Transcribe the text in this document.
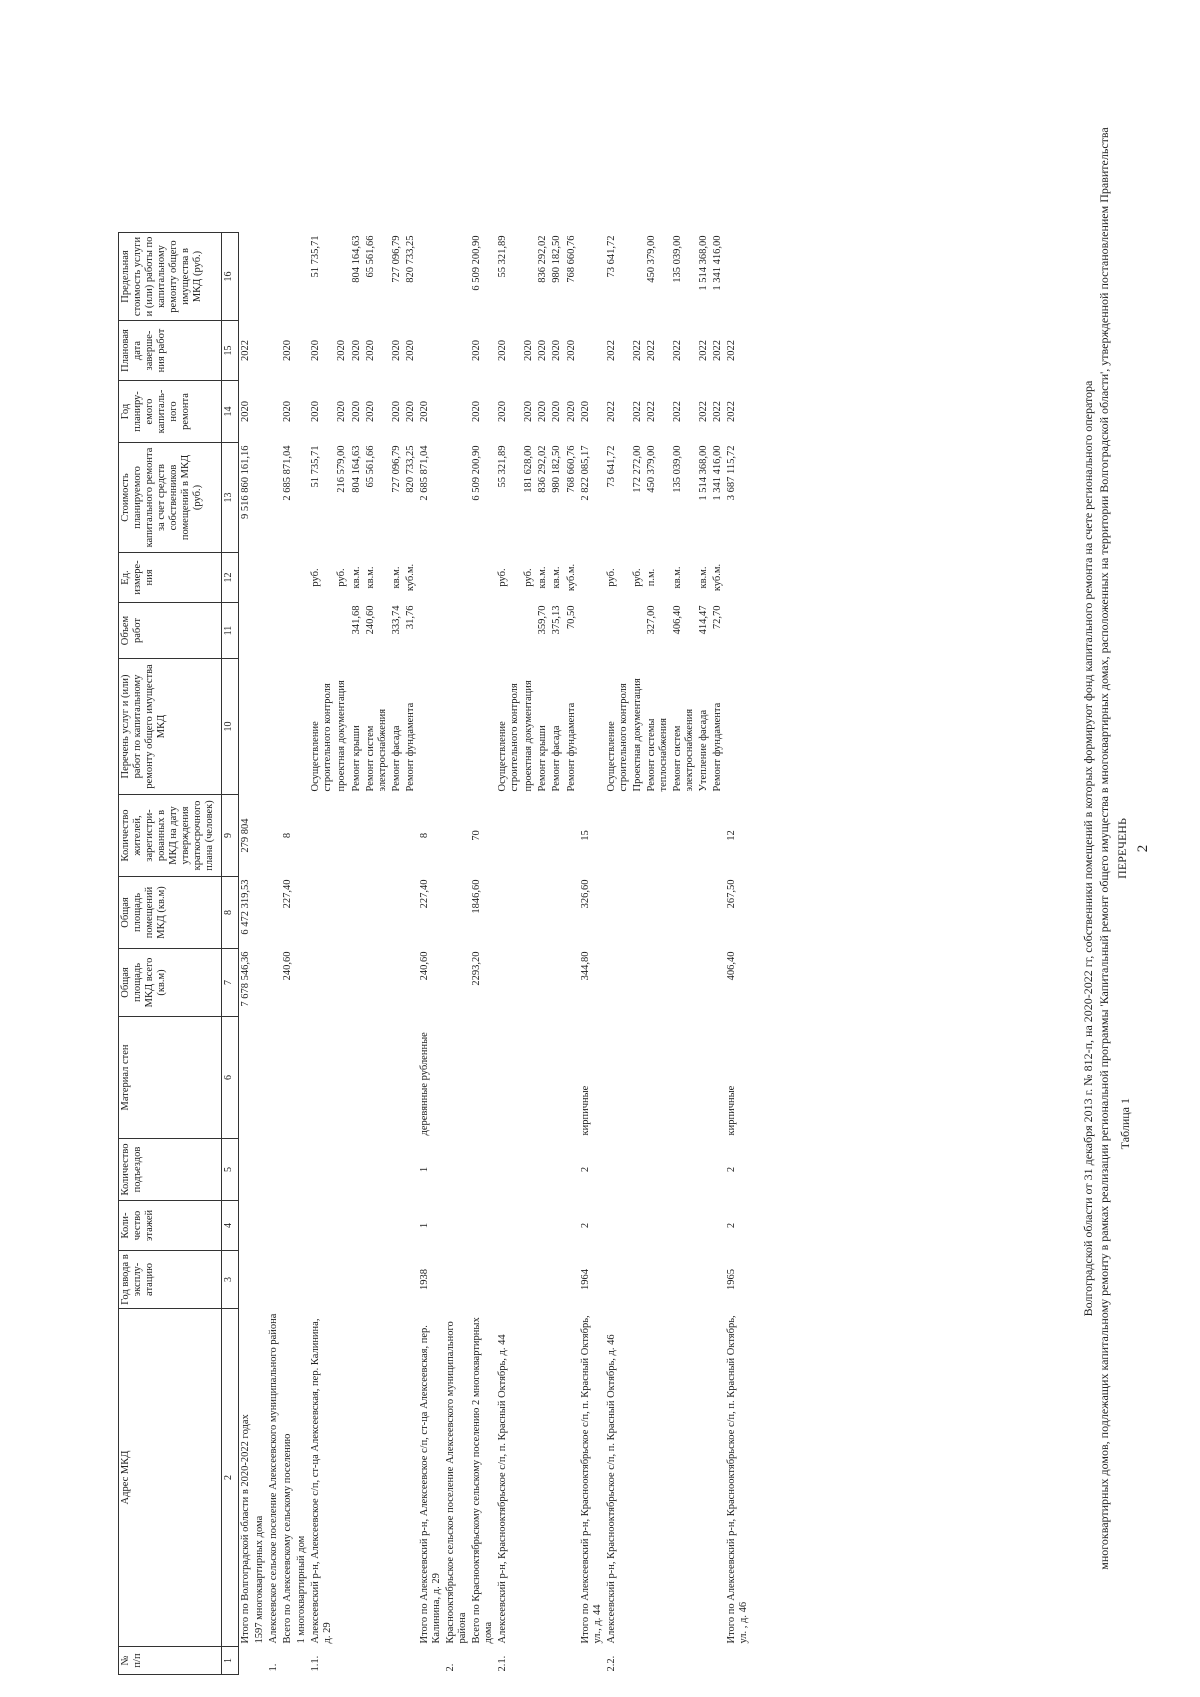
2
Таблица 1
ПЕРЕЧЕНЬ
многоквартирных домов, подлежащих капитальному ремонту в рамках реализации региональной программы 'Капитальный ремонт общего имущества в многоквартирных домах, расположенных на территории Волгоградской области', утвержденной постановлением Правительства
Волгоградской области от 31 декабря 2013 г. № 812-п, на 2020-2022 гг, собственники помещений в которых формируют фонд капитального ремонта на счете регионального оператора
№ п/п	Адрес МКД	Год ввода в эксплу-атацию	Коли-чество этажей	Количество подъездов	Материал стен	Общая площадь МКД всего (кв.м)	Общая площадь помещений МКД (кв.м)	Количество жителей, зарегистри-рованных в МКД на дату утверждения краткосрочного плана (человек)	Перечень услуг и (или) работ по капитальному ремонту общего имущества МКД	Объем работ	Ед. измере-ния	Стоимость планируемого капитального ремонта за счет средств собственников помещений в МКД (руб.)	Год планиру-емого капиталь-ного ремонта	Плановая дата заверше-ния работ	Предельная стоимость услуги и (или) работы по капитальному ремонту общего имущества в МКД (руб.)
1	2	3	4	5	6	7	8	9	10	11	12	13	14	15	16
	Итого по Волгоградской области в 2020-2022 годах					7 678 546,36	6 472 319,53	279 804				9 516 860 161,16	2020	2022	
	1597 многоквартирных дома														
1.	Алексеевское сельское поселение Алексеевского муниципального района														
	Всего по Алексеевскому сельскому поселению					240,60	227,40	8				2 685 871,04	2020	2020	
	1 многоквартирный дом														
1.1.	Алексеевский р-н, Алексеевское с/п, ст-ца Алексеевская, пер. Калинина, д. 29								Осуществление строительного контроля		руб.	51 735,71	2020	2020	51 735,71
									проектная документация		руб.	216 579,00	2020	2020	
									Ремонт крыши	341,68	кв.м.	804 164,63	2020	2020	804 164,63
									Ремонт систем электроснабжения	240,60	кв.м.	65 561,66	2020	2020	65 561,66
									Ремонт фасада	333,74	кв.м.	727 096,79	2020	2020	727 096,79
									Ремонт фундамента	31,76	куб.м.	820 733,25	2020	2020	820 733,25
	Итого по Алексеевский р-н, Алексеевское с/п, ст-ца Алексеевская, пер. Калинина, д. 29	1938	1	1	деревянные рубленные	240,60	227,40	8				2 685 871,04	2020		
2.	Краснооктябрьское сельское поселение Алексеевского муниципального района														
	Всего по Краснооктябрьскому сельскому поселению 2 многоквартирных дома					2293,20	1846,60	70				6 509 200,90	2020	2020	6 509 200,90
2.1.	Алексеевский р-н, Краснооктябрьское с/п, п. Красный Октябрь, д. 44								Осуществление строительного контроля		руб.	55 321,89	2020	2020	55 321,89
									проектная документация		руб.	181 628,00	2020	2020	
									Ремонт крыши	359,70	кв.м.	836 292,02	2020	2020	836 292,02
									Ремонт фасада	375,13	кв.м.	980 182,50	2020	2020	980 182,50
									Ремонт фундамента	70,50	куб.м.	768 660,76	2020	2020	768 660,76
	Итого по Алексеевский р-н, Краснооктябрьское с/п, п. Красный Октябрь, ул., д. 44	1964	2	2	кирпичные	344,80	326,60	15				2 822 085,17	2020		
2.2.	Алексеевский р-н, Краснооктябрьское с/п, п. Красный Октябрь, д. 46								Осуществление строительного контроля		руб.	73 641,72	2022	2022	73 641,72
									Проектная документация		руб.	172 272,00	2022	2022	
									Ремонт системы теплоснабжения	327,00	п.м.	450 379,00	2022	2022	450 379,00
									Ремонт систем электроснабжения	406,40	кв.м.	135 039,00	2022	2022	135 039,00
									Утепление фасада	414,47	кв.м.	1 514 368,00	2022	2022	1 514 368,00
									Ремонт фундамента	72,70	куб.м.	1 341 416,00	2022	2022	1 341 416,00
	Итого по Алексеевский р-н, Краснооктябрьское с/п, п. Красный Октябрь, ул. , д. 46	1965	2	2	кирпичные	406,40	267,50	12				3 687 115,72	2022	2022	
